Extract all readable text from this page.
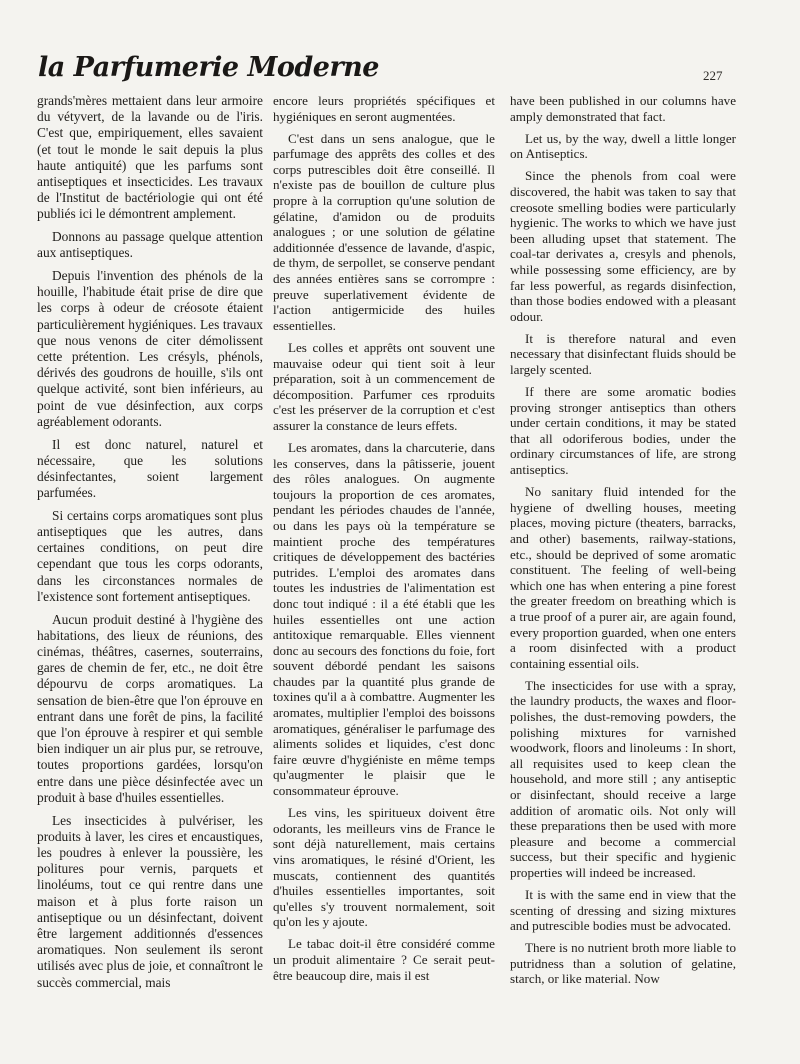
la Parfumerie Moderne	227

grands'mères mettaient dans leur armoire du vétyvert, de la lavande ou de l'iris. C'est que, empiriquement, elles savaient (et tout le monde le sait depuis la plus haute antiquité) que les parfums sont antiseptiques et insecticides. Les travaux de l'Institut de bactériologie qui ont été publiés ici le démontrent amplement.

Donnons au passage quelque attention aux antiseptiques.

Depuis l'invention des phénols de la houille, l'habitude était prise de dire que les corps à odeur de créosote étaient particulièrement hygiéniques. Les travaux que nous venons de citer démolissent cette prétention. Les crésyls, phénols, dérivés des goudrons de houille, s'ils ont quelque activité, sont bien inférieurs, au point de vue désinfection, aux corps agréablement odorants.

Il est donc naturel, naturel et nécessaire, que les solutions désinfectantes, soient largement parfumées.

Si certains corps aromatiques sont plus antiseptiques que les autres, dans certaines conditions, on peut dire cependant que tous les corps odorants, dans les circonstances normales de l'existence sont fortement antiseptiques.

Aucun produit destiné à l'hygiène des habitations, des lieux de réunions, des cinémas, théâtres, casernes, souterrains, gares de chemin de fer, etc., ne doit être dépourvu de corps aromatiques. La sensation de bien-être que l'on éprouve en entrant dans une forêt de pins, la facilité que l'on éprouve à respirer et qui semble bien indiquer un air plus pur, se retrouve, toutes proportions gardées, lorsqu'on entre dans une pièce désinfectée avec un produit à base d'huiles essentielles.

Les insecticides à pulvériser, les produits à laver, les cires et encaustiques, les poudres à enlever la poussière, les politures pour vernis, parquets et linoléums, tout ce qui rentre dans une maison et à plus forte raison un antiseptique ou un désinfectant, doivent être largement additionnés d'essences aromatiques. Non seulement ils seront utilisés avec plus de joie, et connaîtront le succès commercial, mais

encore leurs propriétés spécifiques et hygiéniques en seront augmentées.

C'est dans un sens analogue, que le parfumage des apprêts des colles et des corps putrescibles doit être conseillé. Il n'existe pas de bouillon de culture plus propre à la corruption qu'une solution de gélatine, d'amidon ou de produits analogues ; or une solution de gélatine additionnée d'essence de lavande, d'aspic, de thym, de serpollet, se conserve pendant des années entières sans se corrompre : preuve superlativement évidente de l'action antigermicide des huiles essentielles.

Les colles et apprêts ont souvent une mauvaise odeur qui tient soit à leur préparation, soit à un commencement de décomposition. Parfumer ces rproduits c'est les préserver de la corruption et c'est assurer la constance de leurs effets.

Les aromates, dans la charcuterie, dans les conserves, dans la pâtisserie, jouent des rôles analogues. On augmente toujours la proportion de ces aromates, pendant les périodes chaudes de l'année, ou dans les pays où la température se maintient proche des températures critiques de développement des bactéries putrides. L'emploi des aromates dans toutes les industries de l'alimentation est donc tout indiqué : il a été établi que les huiles essentielles ont une action antitoxique remarquable. Elles viennent donc au secours des fonctions du foie, fort souvent débordé pendant les saisons chaudes par la quantité plus grande de toxines qu'il a à combattre. Augmenter les aromates, multiplier l'emploi des boissons aromatiques, généraliser le parfumage des aliments solides et liquides, c'est donc faire œuvre d'hygiéniste en même temps qu'augmenter le plaisir que le consommateur éprouve.

Les vins, les spiritueux doivent être odorants, les meilleurs vins de France le sont déjà naturellement, mais certains vins aromatiques, le résiné d'Orient, les muscats, contiennent des quantités d'huiles essentielles importantes, soit qu'elles s'y trouvent normalement, soit qu'on les y ajoute.

Le tabac doit-il être considéré comme un produit alimentaire ? Ce serait peut-être beaucoup dire, mais il est

have been published in our columns have amply demonstrated that fact.

Let us, by the way, dwell a little longer on Antiseptics.

Since the phenols from coal were discovered, the habit was taken to say that creosote smelling bodies were particularly hygienic. The works to which we have just been alluding upset that statement. The coal-tar derivates a, cresyls and phenols, while possessing some efficiency, are by far less powerful, as regards disinfection, than those bodies endowed with a pleasant odour.

It is therefore natural and even necessary that disinfectant fluids should be largely scented.

If there are some aromatic bodies proving stronger antiseptics than others under certain conditions, it may be stated that all odoriferous bodies, under the ordinary circumstances of life, are strong antiseptics.

No sanitary fluid intended for the hygiene of dwelling houses, meeting places, moving picture (theaters, barracks, and other) basements, railway-stations, etc., should be deprived of some aromatic constituent. The feeling of well-being which one has when entering a pine forest the greater freedom on breathing which is a true proof of a purer air, are again found, every proportion guarded, when one enters a room disinfected with a product containing essential oils.

The insecticides for use with a spray, the laundry products, the waxes and floor-polishes, the dust-removing powders, the polishing mixtures for varnished woodwork, floors and linoleums : In short, all requisites used to keep clean the household, and more still ; any antiseptic or disinfectant, should receive a large addition of aromatic oils. Not only will these preparations then be used with more pleasure and become a commercial success, but their specific and hygienic properties will indeed be increased.

It is with the same end in view that the scenting of dressing and sizing mixtures and putrescible bodies must be advocated.

There is no nutrient broth more liable to putridness than a solution of gelatine, starch, or like material. Now
